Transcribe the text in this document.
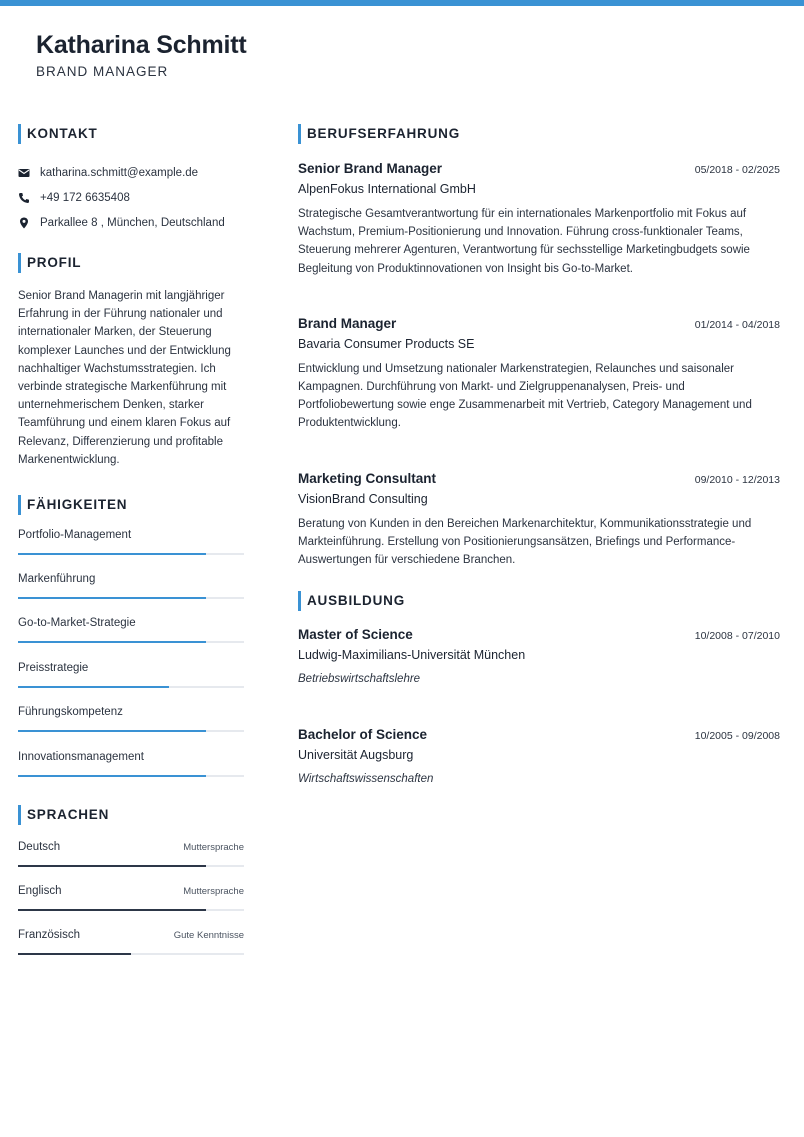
Katharina Schmitt
BRAND MANAGER
KONTAKT
katharina.schmitt@example.de
+49 172 6635408
Parkallee 8 , München, Deutschland
PROFIL
Senior Brand Managerin mit langjähriger Erfahrung in der Führung nationaler und internationaler Marken, der Steuerung komplexer Launches und der Entwicklung nachhaltiger Wachstumsstrategien. Ich verbinde strategische Markenführung mit unternehmerischem Denken, starker Teamführung und einem klaren Fokus auf Relevanz, Differenzierung und profitable Markenentwicklung.
FÄHIGKEITEN
Portfolio-Management
Markenführung
Go-to-Market-Strategie
Preisstrategie
Führungskompetenz
Innovationsmanagement
SPRACHEN
Deutsch	Muttersprache
Englisch	Muttersprache
Französisch	Gute Kenntnisse
BERUFSERFAHRUNG
Senior Brand Manager	05/2018 - 02/2025
AlpenFokus International GmbH
Strategische Gesamtverantwortung für ein internationales Markenportfolio mit Fokus auf Wachstum, Premium-Positionierung und Innovation. Führung cross-funktionaler Teams, Steuerung mehrerer Agenturen, Verantwortung für sechsstellige Marketingbudgets sowie Begleitung von Produktinnovationen von Insight bis Go-to-Market.
Brand Manager	01/2014 - 04/2018
Bavaria Consumer Products SE
Entwicklung und Umsetzung nationaler Markenstrategien, Relaunches und saisonaler Kampagnen. Durchführung von Markt- und Zielgruppenanalysen, Preis- und Portfoliobewertung sowie enge Zusammenarbeit mit Vertrieb, Category Management und Produktentwicklung.
Marketing Consultant	09/2010 - 12/2013
VisionBrand Consulting
Beratung von Kunden in den Bereichen Markenarchitektur, Kommunikationsstrategie und Markteinführung. Erstellung von Positionierungsansätzen, Briefings und Performance-Auswertungen für verschiedene Branchen.
AUSBILDUNG
Master of Science	10/2008 - 07/2010
Ludwig-Maximilians-Universität München
Betriebswirtschaftslehre
Bachelor of Science	10/2005 - 09/2008
Universität Augsburg
Wirtschaftswissenschaften
